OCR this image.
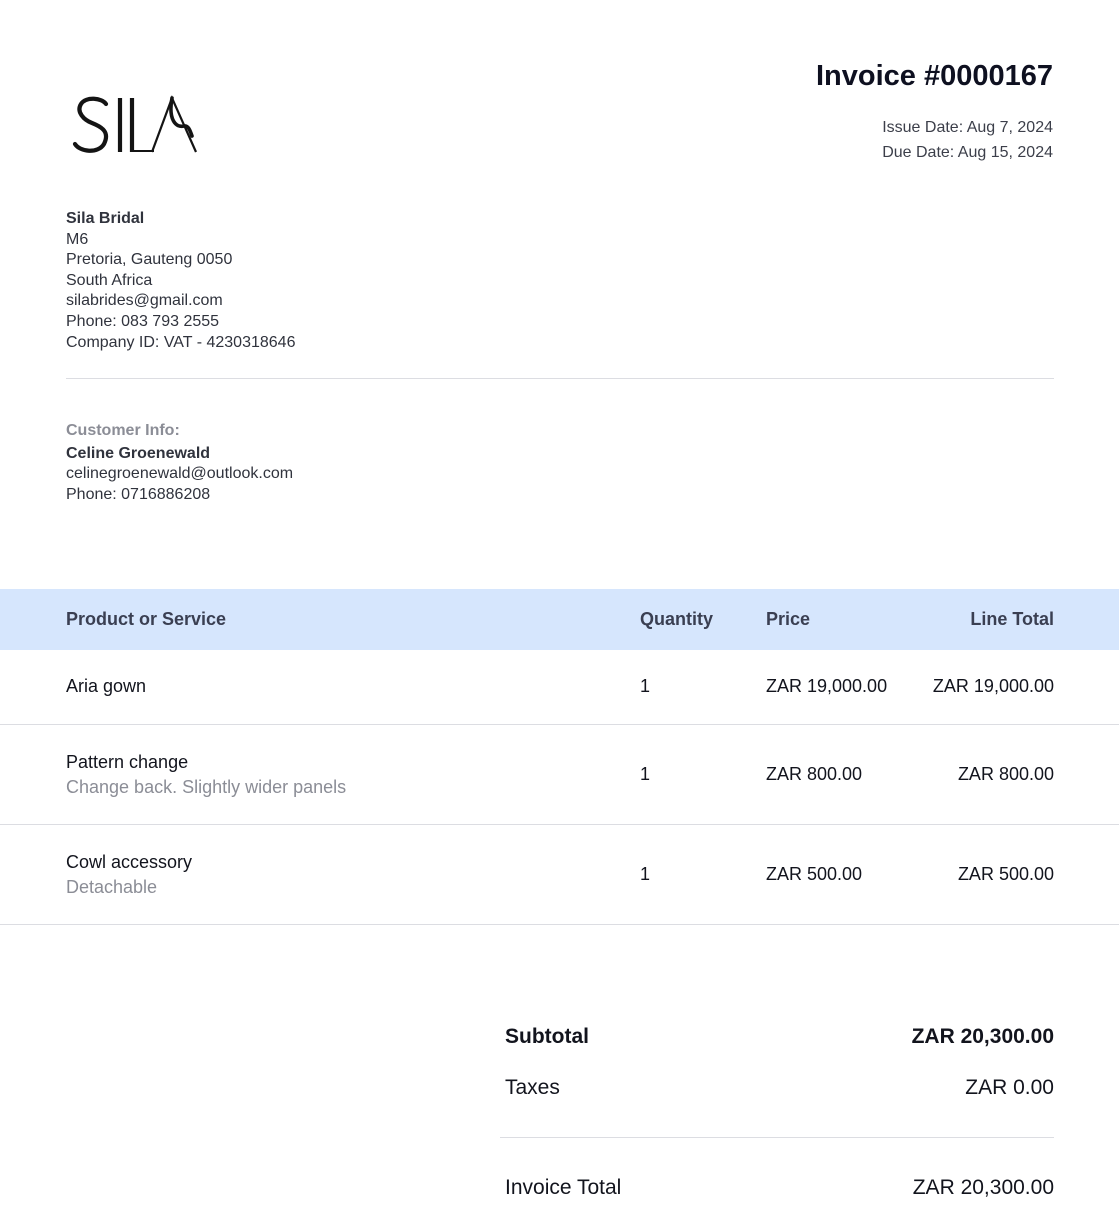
Invoice #0000167
Issue Date: Aug 7, 2024
Due Date: Aug 15, 2024
Sila Bridal
M6
Pretoria, Gauteng 0050
South Africa
silabrides@gmail.com
Phone: 083 793 2555
Company ID: VAT - 4230318646
Customer Info:
Celine Groenewald
celinegroenewald@outlook.com
Phone: 0716886208
Product or Service	Quantity	Price	Line Total
Aria gown	1	ZAR 19,000.00	ZAR 19,000.00
Pattern change
Change back. Slightly wider panels
1	ZAR 800.00	ZAR 800.00
Cowl accessory
Detachable
1	ZAR 500.00	ZAR 500.00
Subtotal	ZAR 20,300.00
Taxes	ZAR 0.00
Invoice Total	ZAR 20,300.00
